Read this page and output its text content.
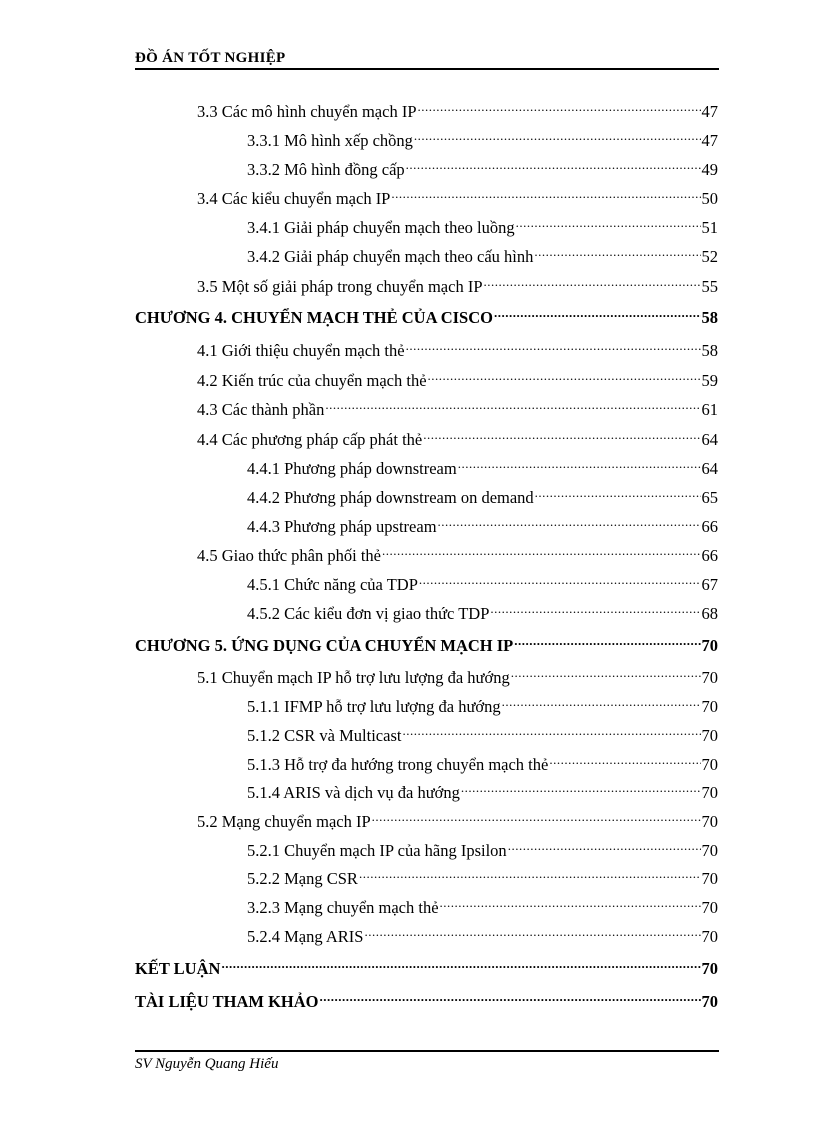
ĐỒ ÁN TỐT NGHIỆP
3.3 Các mô hình chuyển mạch IP .....	47
3.3.1 Mô hình xếp chồng .....	47
3.3.2 Mô hình đồng cấp .....	49
3.4 Các kiểu chuyển mạch IP .....	50
3.4.1 Giải pháp chuyển mạch theo luồng .....	51
3.4.2 Giải pháp chuyển mạch theo cấu hình .....	52
3.5 Một số giải pháp trong chuyển mạch IP .....	55
CHƯƠNG 4. CHUYỂN MẠCH THẺ CỦA CISCO .....	58
4.1 Giới thiệu chuyển mạch thẻ .....	58
4.2 Kiến trúc của chuyển mạch thẻ .....	59
4.3 Các thành phần .....	61
4.4 Các phương pháp cấp phát thẻ .....	64
4.4.1 Phương pháp downstream .....	64
4.4.2 Phương pháp downstream on demand .....	65
4.4.3 Phương pháp upstream .....	66
4.5 Giao thức phân phối thẻ .....	66
4.5.1 Chức năng của TDP .....	67
4.5.2 Các kiểu đơn vị giao thức TDP .....	68
CHƯƠNG 5. ỨNG DỤNG CỦA CHUYỂN MẠCH IP .....	70
5.1 Chuyển mạch IP hỗ trợ lưu lượng đa hướng .....	70
5.1.1 IFMP hỗ trợ lưu lượng đa hướng .....	70
5.1.2 CSR và Multicast .....	70
5.1.3 Hỗ trợ đa hướng trong chuyển mạch thẻ .....	70
5.1.4 ARIS và dịch vụ đa hướng .....	70
5.2 Mạng chuyển mạch IP .....	70
5.2.1 Chuyển mạch IP của hãng Ipsilon .....	70
5.2.2 Mạng CSR .....	70
3.2.3 Mạng chuyển mạch thẻ .....	70
5.2.4 Mạng ARIS .....	70
KẾT LUẬN .....	70
TÀI LIỆU THAM KHẢO .....	70
SV Nguyễn Quang Hiếu
